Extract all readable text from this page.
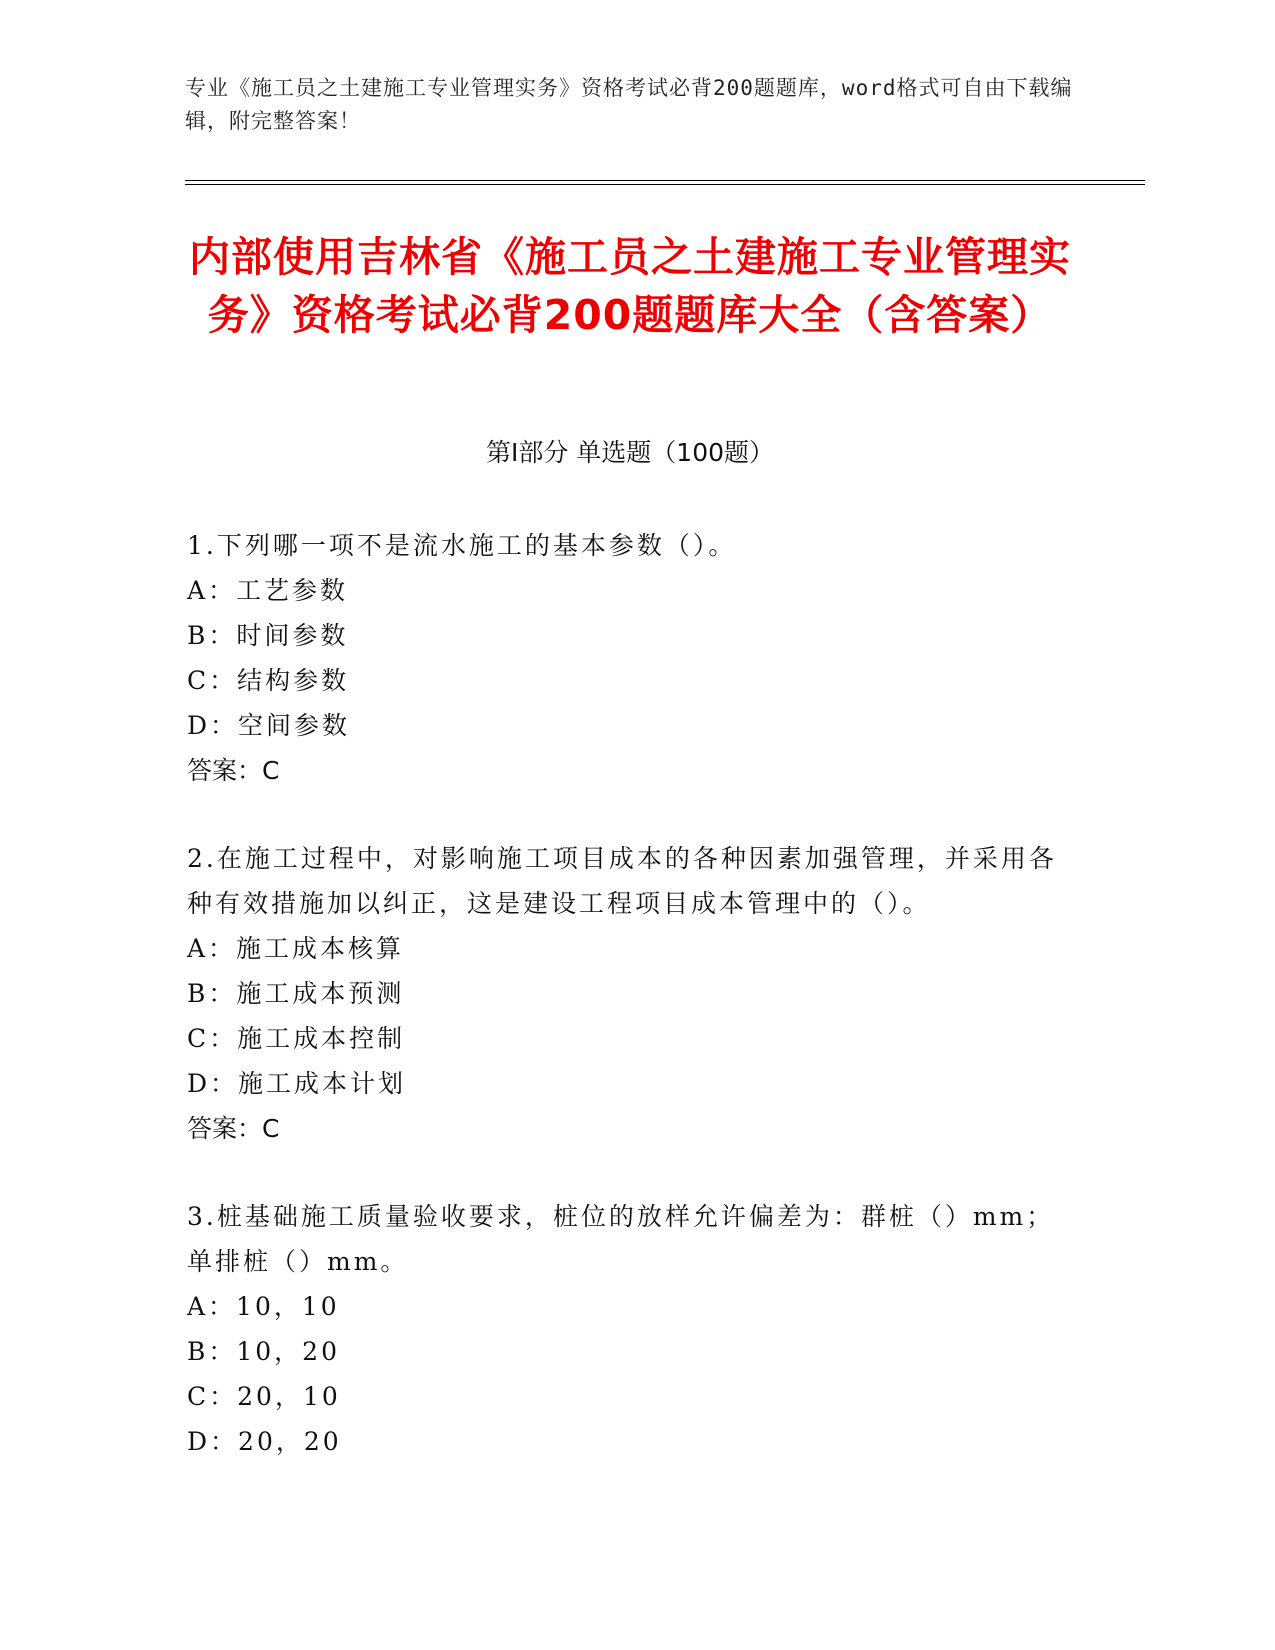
专业《施工员之土建施工专业管理实务》资格考试必背200题题库，word格式可自由下载编辑，附完整答案！
内部使用吉林省《施工员之土建施工专业管理实务》资格考试必背200题题库大全（含答案）
第I部分 单选题（100题）
1.下列哪一项不是流水施工的基本参数（）。
A：工艺参数
B：时间参数
C：结构参数
D：空间参数
答案：C
2.在施工过程中，对影响施工项目成本的各种因素加强管理，并采用各种有效措施加以纠正，这是建设工程项目成本管理中的（）。
A：施工成本核算
B：施工成本预测
C：施工成本控制
D：施工成本计划
答案：C
3.桩基础施工质量验收要求，桩位的放样允许偏差为：群桩（）mm；单排桩（）mm。
A：10，10
B：10，20
C：20，10
D：20，20
